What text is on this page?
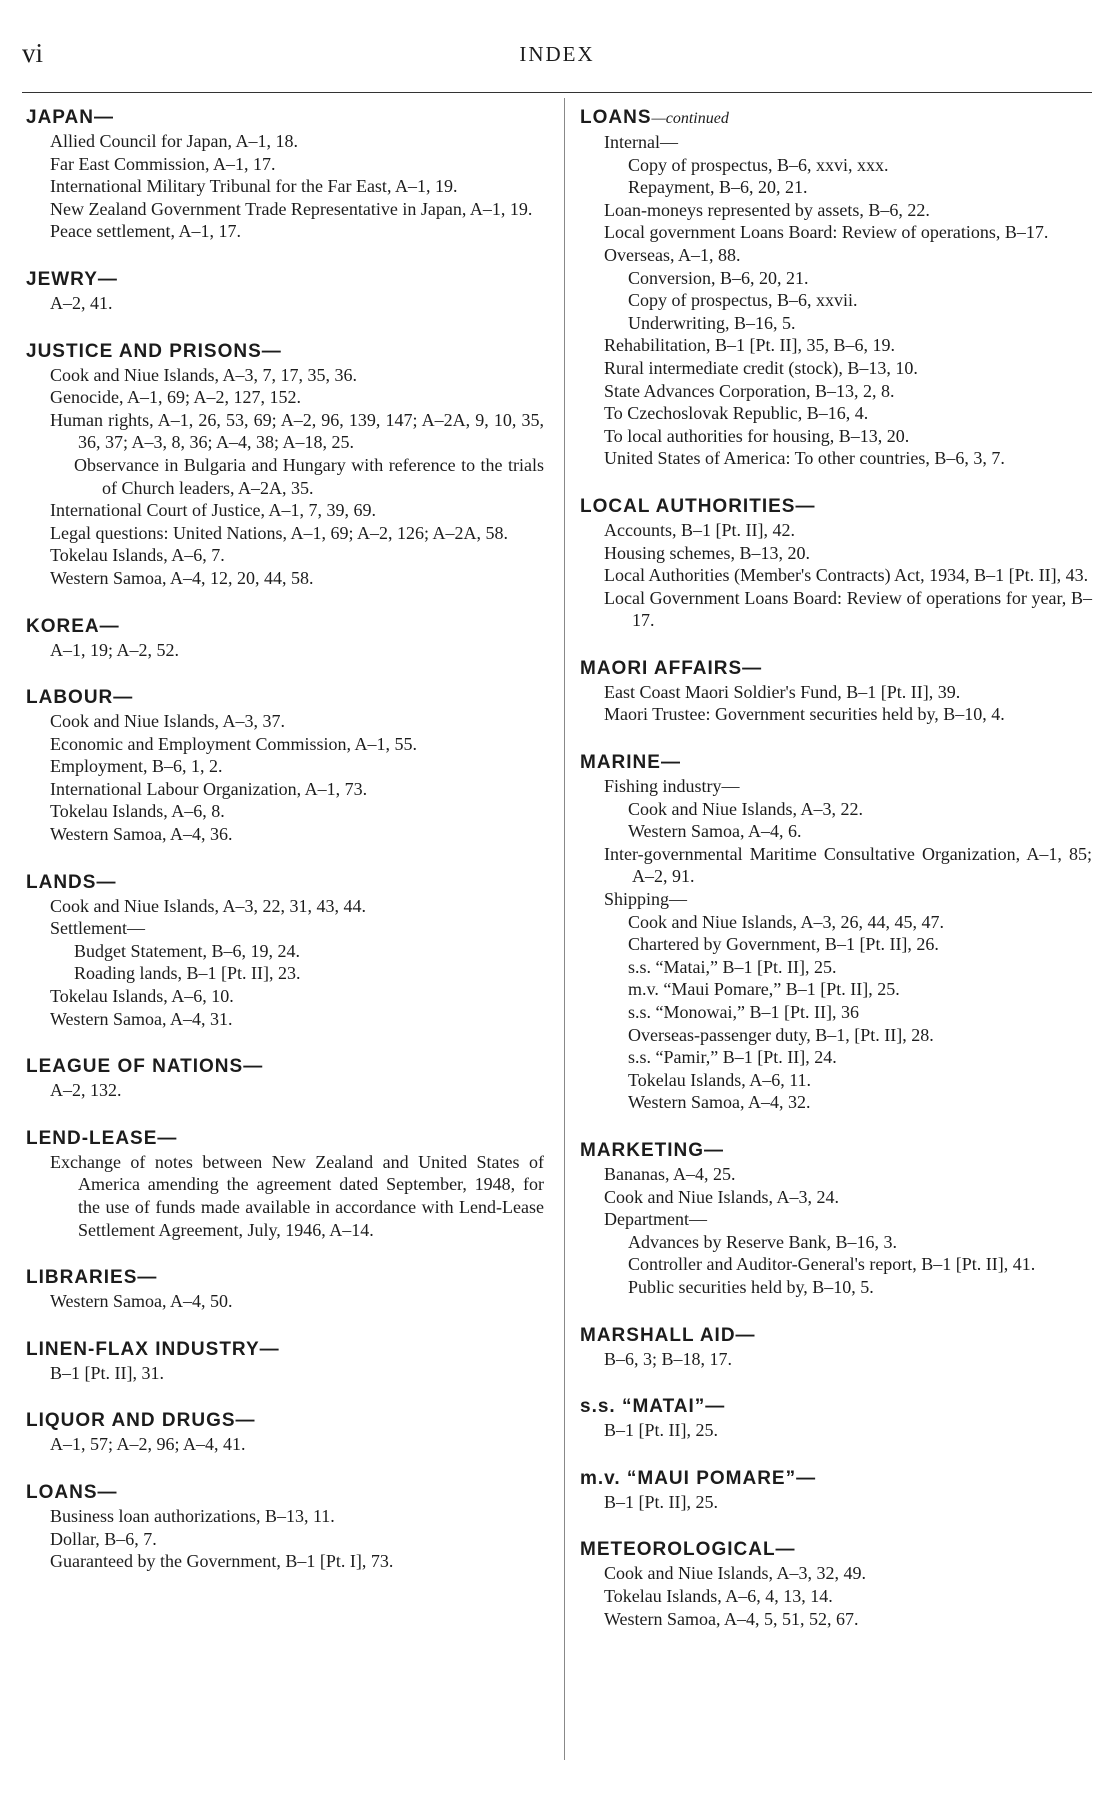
vi	INDEX
JAPAN—
Allied Council for Japan, A–1, 18.
Far East Commission, A–1, 17.
International Military Tribunal for the Far East, A–1, 19.
New Zealand Government Trade Representative in Japan, A–1, 19.
Peace settlement, A–1, 17.
JEWRY—
A–2, 41.
JUSTICE AND PRISONS—
Cook and Niue Islands, A–3, 7, 17, 35, 36.
Genocide, A–1, 69; A–2, 127, 152.
Human rights, A–1, 26, 53, 69; A–2, 96, 139, 147; A–2A, 9, 10, 35, 36, 37; A–3, 8, 36; A–4, 38; A–18, 25.
Observance in Bulgaria and Hungary with reference to the trials of Church leaders, A–2A, 35.
International Court of Justice, A–1, 7, 39, 69.
Legal questions: United Nations, A–1, 69; A–2, 126; A–2A, 58.
Tokelau Islands, A–6, 7.
Western Samoa, A–4, 12, 20, 44, 58.
KOREA—
A–1, 19; A–2, 52.
LABOUR—
Cook and Niue Islands, A–3, 37.
Economic and Employment Commission, A–1, 55.
Employment, B–6, 1, 2.
International Labour Organization, A–1, 73.
Tokelau Islands, A–6, 8.
Western Samoa, A–4, 36.
LANDS—
Cook and Niue Islands, A–3, 22, 31, 43, 44.
Settlement—
Budget Statement, B–6, 19, 24.
Roading lands, B–1 [Pt. II], 23.
Tokelau Islands, A–6, 10.
Western Samoa, A–4, 31.
LEAGUE OF NATIONS—
A–2, 132.
LEND-LEASE—
Exchange of notes between New Zealand and United States of America amending the agreement dated September, 1948, for the use of funds made available in accordance with Lend-Lease Settlement Agreement, July, 1946, A–14.
LIBRARIES—
Western Samoa, A–4, 50.
LINEN-FLAX INDUSTRY—
B–1 [Pt. II], 31.
LIQUOR AND DRUGS—
A–1, 57; A–2, 96; A–4, 41.
LOANS—
Business loan authorizations, B–13, 11.
Dollar, B–6, 7.
Guaranteed by the Government, B–1 [Pt. I], 73.
LOANS—continued
Internal—
Copy of prospectus, B–6, xxvi, xxx.
Repayment, B–6, 20, 21.
Loan-moneys represented by assets, B–6, 22.
Local government Loans Board: Review of operations, B–17.
Overseas, A–1, 88.
Conversion, B–6, 20, 21.
Copy of prospectus, B–6, xxvii.
Underwriting, B–16, 5.
Rehabilitation, B–1 [Pt. II], 35, B–6, 19.
Rural intermediate credit (stock), B–13, 10.
State Advances Corporation, B–13, 2, 8.
To Czechoslovak Republic, B–16, 4.
To local authorities for housing, B–13, 20.
United States of America: To other countries, B–6, 3, 7.
LOCAL AUTHORITIES—
Accounts, B–1 [Pt. II], 42.
Housing schemes, B–13, 20.
Local Authorities (Member's Contracts) Act, 1934, B–1 [Pt. II], 43.
Local Government Loans Board: Review of operations for year, B–17.
MAORI AFFAIRS—
East Coast Maori Soldier's Fund, B–1 [Pt. II], 39.
Maori Trustee: Government securities held by, B–10, 4.
MARINE—
Fishing industry—
Cook and Niue Islands, A–3, 22.
Western Samoa, A–4, 6.
Inter-governmental Maritime Consultative Organization, A–1, 85; A–2, 91.
Shipping—
Cook and Niue Islands, A–3, 26, 44, 45, 47.
Chartered by Government, B–1 [Pt. II], 26.
s.s. “Matai,” B–1 [Pt. II], 25.
m.v. “Maui Pomare,” B–1 [Pt. II], 25.
s.s. “Monowai,” B–1 [Pt. II], 36
Overseas-passenger duty, B–1, [Pt. II], 28.
s.s. “Pamir,” B–1 [Pt. II], 24.
Tokelau Islands, A–6, 11.
Western Samoa, A–4, 32.
MARKETING—
Bananas, A–4, 25.
Cook and Niue Islands, A–3, 24.
Department—
Advances by Reserve Bank, B–16, 3.
Controller and Auditor-General's report, B–1 [Pt. II], 41.
Public securities held by, B–10, 5.
MARSHALL AID—
B–6, 3; B–18, 17.
s.s. “MATAI”—
B–1 [Pt. II], 25.
m.v. “MAUI POMARE”—
B–1 [Pt. II], 25.
METEOROLOGICAL—
Cook and Niue Islands, A–3, 32, 49.
Tokelau Islands, A–6, 4, 13, 14.
Western Samoa, A–4, 5, 51, 52, 67.
